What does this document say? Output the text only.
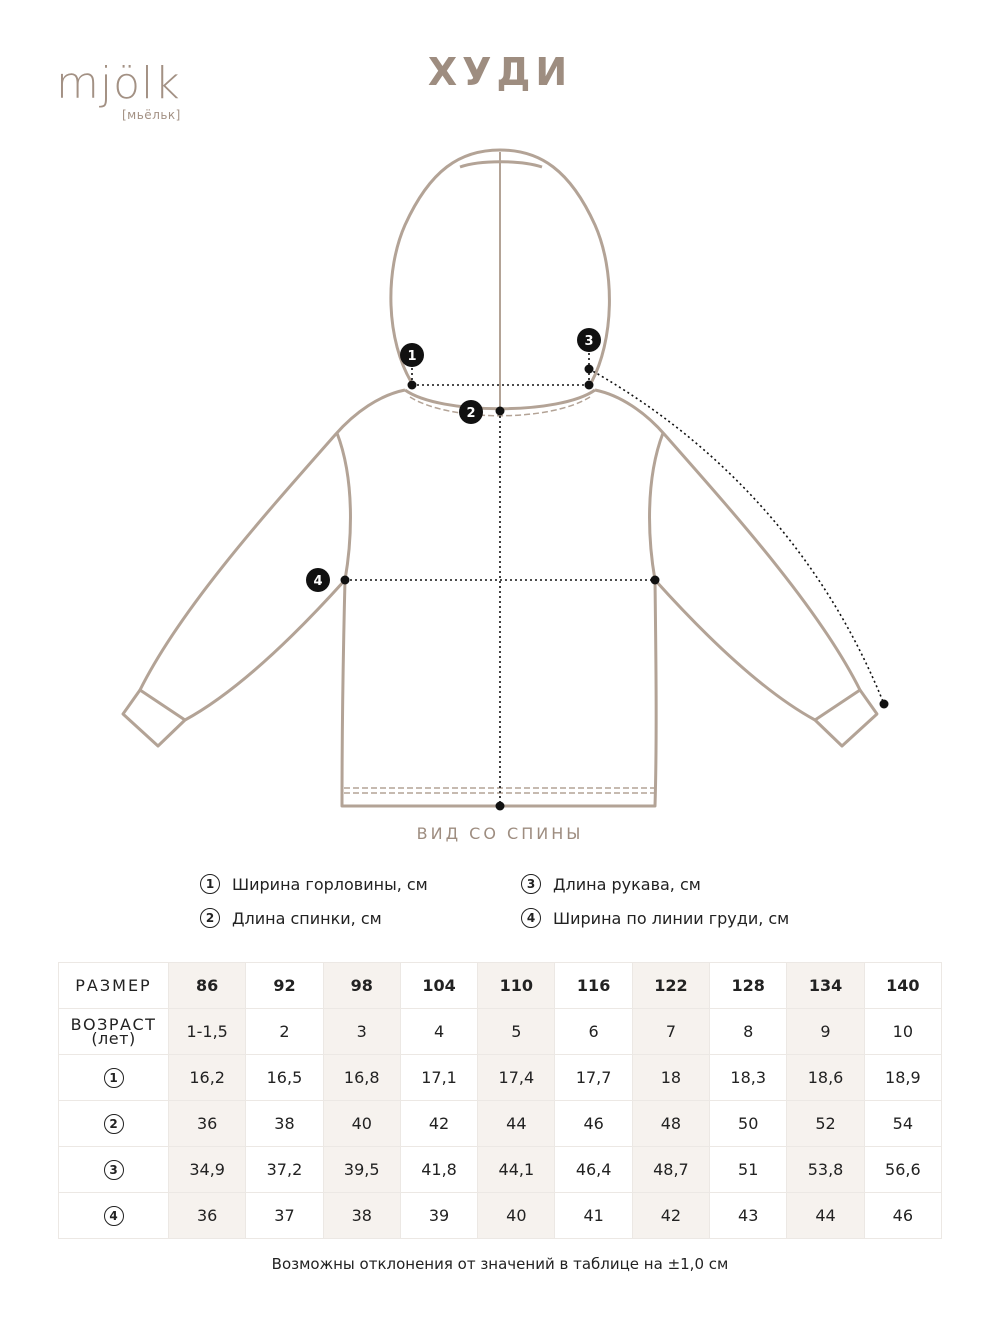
mjölk
[мьёльк]
ХУДИ
1
2
3
4
ВИД СО СПИНЫ
1	Ширина горловины, см
2	Длина спинки, см
3	Длина рукава, см
4	Ширина по линии груди, см
РАЗМЕР	86	92	98	104	110	116	122	128	134	140

ВОЗРАСТ
(лет)	1-1,5	2	3	4	5	6	7	8	9	10
1	16,2	16,5	16,8	17,1	17,4	17,7	18	18,3	18,6	18,9
2	36	38	40	42	44	46	48	50	52	54
3	34,9	37,2	39,5	41,8	44,1	46,4	48,7	51	53,8	56,6
4	36	37	38	39	40	41	42	43	44	46
Возможны отклонения от значений в таблице на ±1,0 см
